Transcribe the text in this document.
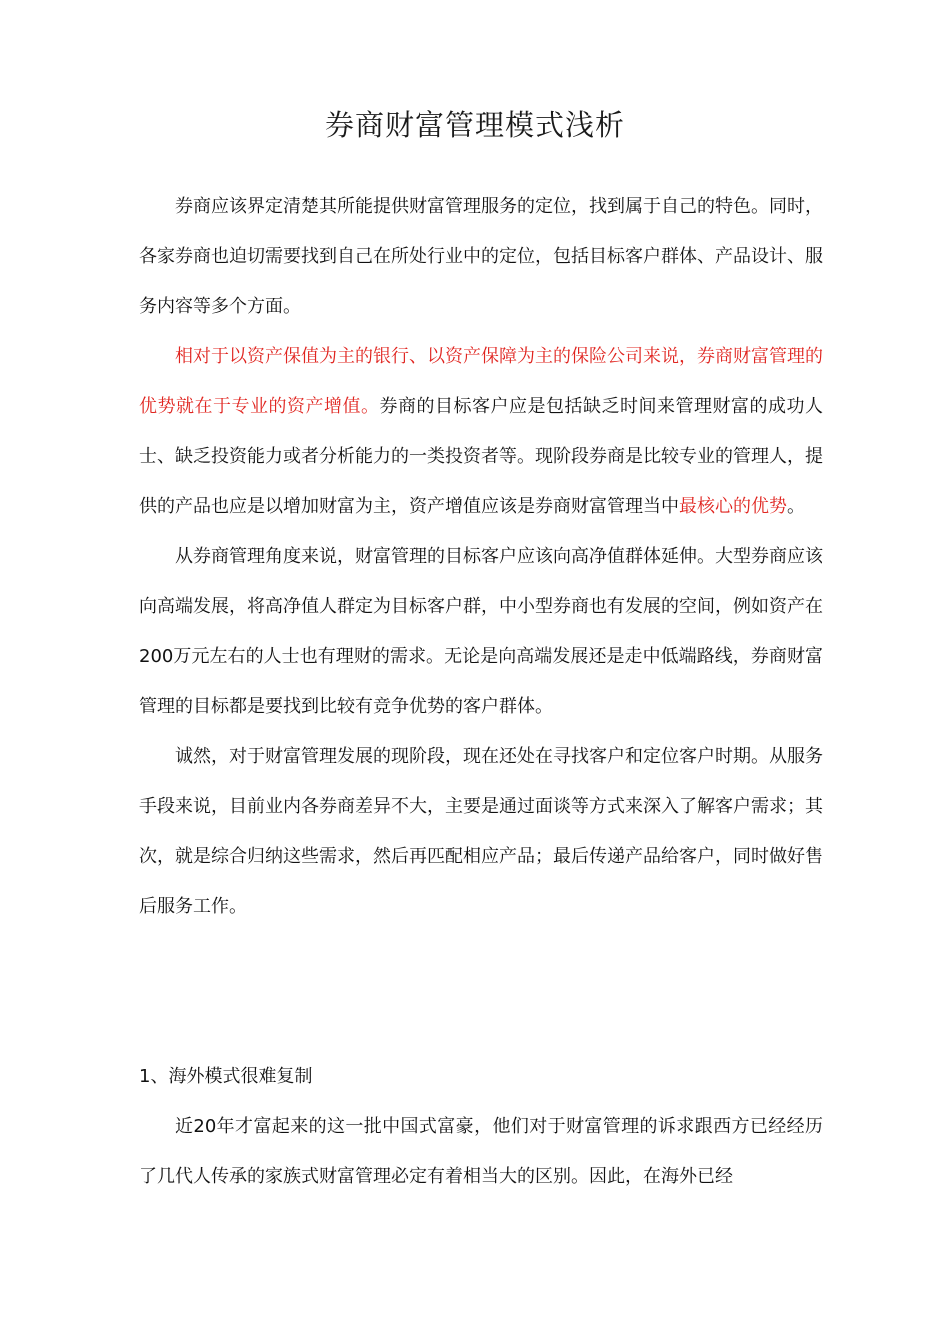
券商财富管理模式浅析

券商应该界定清楚其所能提供财富管理服务的定位，找到属于自己的特色。同时，各家券商也迫切需要找到自己在所处行业中的定位，包括目标客户群体、产品设计、服务内容等多个方面。

相对于以资产保值为主的银行、以资产保障为主的保险公司来说，券商财富管理的优势就在于专业的资产增值。券商的目标客户应是包括缺乏时间来管理财富的成功人士、缺乏投资能力或者分析能力的一类投资者等。现阶段券商是比较专业的管理人，提供的产品也应是以增加财富为主，资产增值应该是券商财富管理当中最核心的优势。

从券商管理角度来说，财富管理的目标客户应该向高净值群体延伸。大型券商应该向高端发展，将高净值人群定为目标客户群，中小型券商也有发展的空间，例如资产在200万元左右的人士也有理财的需求。无论是向高端发展还是走中低端路线，券商财富管理的目标都是要找到比较有竞争优势的客户群体。

诚然，对于财富管理发展的现阶段，现在还处在寻找客户和定位客户时期。从服务手段来说，目前业内各券商差异不大，主要是通过面谈等方式来深入了解客户需求；其次，就是综合归纳这些需求，然后再匹配相应产品；最后传递产品给客户，同时做好售后服务工作。

1、海外模式很难复制

近20年才富起来的这一批中国式富豪，他们对于财富管理的诉求跟西方已经经历了几代人传承的家族式财富管理必定有着相当大的区别。因此，在海外已经
